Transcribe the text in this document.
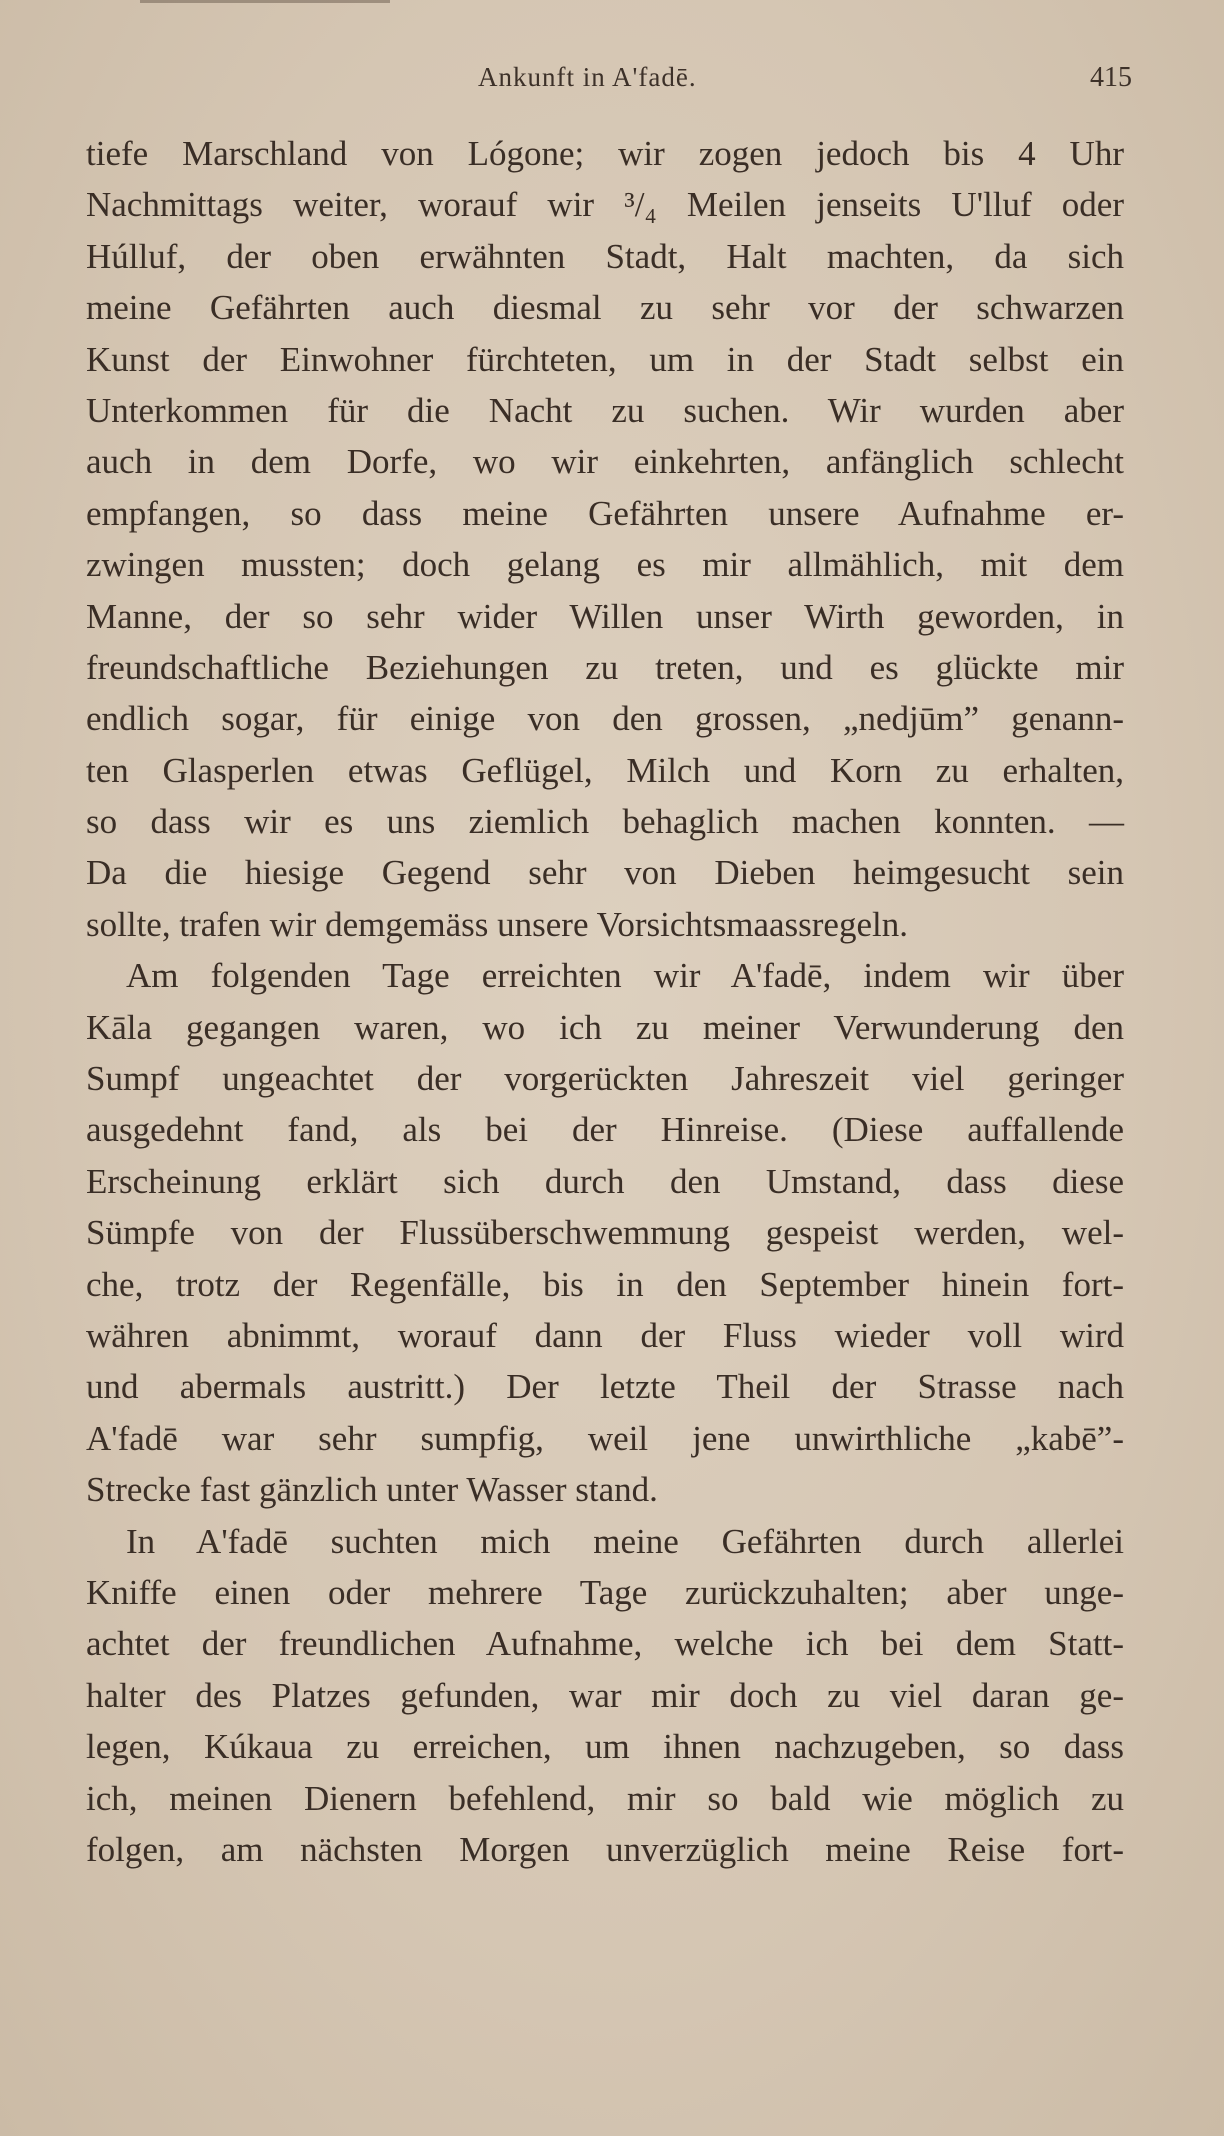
Ankunft in A'fadē.	415
tiefe Marschland von Lógone; wir zogen jedoch bis 4 Uhr
Nachmittags weiter, worauf wir ³/₄ Meilen jenseits U'lluf oder
Húlluf, der oben erwähnten Stadt, Halt machten, da sich
meine Gefährten auch diesmal zu sehr vor der schwarzen
Kunst der Einwohner fürchteten, um in der Stadt selbst ein
Unterkommen für die Nacht zu suchen. Wir wurden aber
auch in dem Dorfe, wo wir einkehrten, anfänglich schlecht
empfangen, so dass meine Gefährten unsere Aufnahme er-
zwingen mussten; doch gelang es mir allmählich, mit dem
Manne, der so sehr wider Willen unser Wirth geworden, in
freundschaftliche Beziehungen zu treten, und es glückte mir
endlich sogar, für einige von den grossen, „nedjūm” genann-
ten Glasperlen etwas Geflügel, Milch und Korn zu erhalten,
so dass wir es uns ziemlich behaglich machen konnten. —
Da die hiesige Gegend sehr von Dieben heimgesucht sein
sollte, trafen wir demgemäss unsere Vorsichtsmaassregeln.
Am folgenden Tage erreichten wir A'fadē, indem wir über
Kāla gegangen waren, wo ich zu meiner Verwunderung den
Sumpf ungeachtet der vorgerückten Jahreszeit viel geringer
ausgedehnt fand, als bei der Hinreise. (Diese auffallende
Erscheinung erklärt sich durch den Umstand, dass diese
Sümpfe von der Flussüberschwemmung gespeist werden, wel-
che, trotz der Regenfälle, bis in den September hinein fort-
währen abnimmt, worauf dann der Fluss wieder voll wird
und abermals austritt.) Der letzte Theil der Strasse nach
A'fadē war sehr sumpfig, weil jene unwirthliche „kabē”-
Strecke fast gänzlich unter Wasser stand.
In A'fadē suchten mich meine Gefährten durch allerlei
Kniffe einen oder mehrere Tage zurückzuhalten; aber unge-
achtet der freundlichen Aufnahme, welche ich bei dem Statt-
halter des Platzes gefunden, war mir doch zu viel daran ge-
legen, Kúkaua zu erreichen, um ihnen nachzugeben, so dass
ich, meinen Dienern befehlend, mir so bald wie möglich zu
folgen, am nächsten Morgen unverzüglich meine Reise fort-
